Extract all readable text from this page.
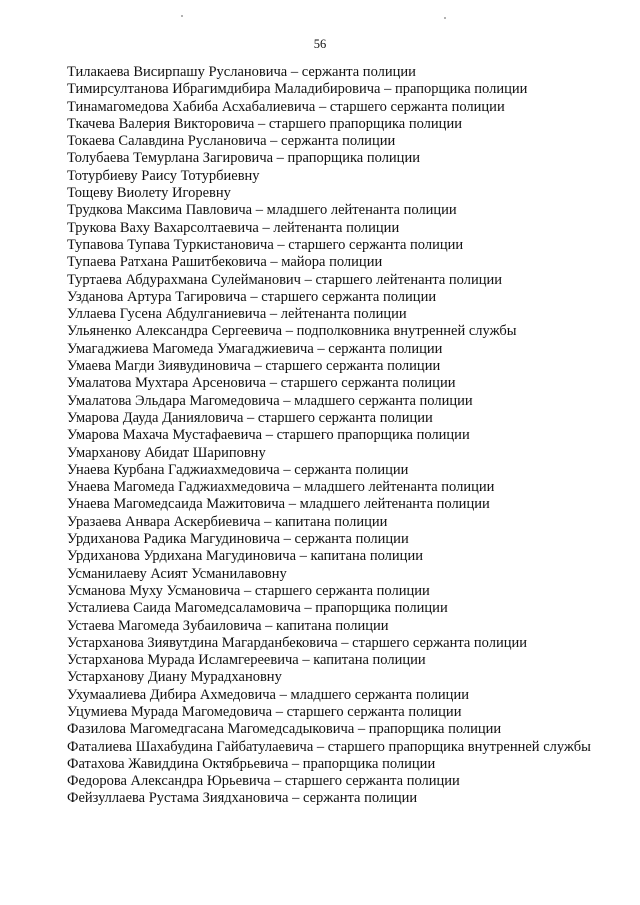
56
Тилакаева Висирпашу Руслановича – сержанта полиции
Тимирсултанова Ибрагимдибира Маладибировича – прапорщика полиции
Тинамагомедова Хабиба Асхабалиевича – старшего сержанта полиции
Ткачева Валерия Викторовича – старшего прапорщика полиции
Токаева Салавдина Руслановича – сержанта полиции
Толубаева Темурлана Загировича – прапорщика полиции
Тотурбиеву Раису Тотурбиевну
Тощеву Виолету Игоревну
Трудкова Максима Павловича – младшего лейтенанта полиции
Трукова Ваху Вахарсолтаевича – лейтенанта полиции
Тупавова Тупава Туркистановича – старшего сержанта полиции
Тупаева Ратхана Рашитбековича – майора полиции
Туртаева Абдурахмана Сулейманович – старшего лейтенанта полиции
Узданова Артура Тагировича – старшего сержанта полиции
Уллаева Гусена Абдулганиевича – лейтенанта полиции
Ульяненко Александра Сергеевича – подполковника внутренней службы
Умагаджиева Магомеда Умагаджиевича – сержанта полиции
Умаева Магди Зиявудиновича – старшего сержанта полиции
Умалатова Мухтара Арсеновича – старшего сержанта полиции
Умалатова Эльдара Магомедовича – младшего сержанта полиции
Умарова Дауда Данияловича – старшего сержанта полиции
Умарова Махача Мустафаевича – старшего прапорщика полиции
Умарханову Абидат Шариповну
Унаева Курбана Гаджиахмедовича – сержанта полиции
Унаева Магомеда Гаджиахмедовича – младшего лейтенанта полиции
Унаева Магомедсаида Мажитовича – младшего лейтенанта полиции
Уразаева Анвара Аскербиевича – капитана полиции
Урдиханова Радика Магудиновича – сержанта полиции
Урдиханова Урдихана Магудиновича – капитана полиции
Усманилаеву Асият Усманилавовну
Усманова Муху Усмановича – старшего сержанта полиции
Усталиева Саида Магомедсаламовича – прапорщика полиции
Устаева Магомеда Зубаиловича – капитана полиции
Устарханова Зиявутдина Магарданбековича – старшего сержанта полиции
Устарханова Мурада Исламгереевича – капитана полиции
Устарханову Диану Мурадхановну
Ухумаалиева Дибира Ахмедовича – младшего сержанта полиции
Уцумиева Мурада Магомедовича – старшего сержанта полиции
Фазилова Магомедгасана Магомедсадыковича – прапорщика полиции
Фаталиева Шахабудина Гайбатулаевича – старшего прапорщика внутренней службы
Фатахова Жавиддина Октябрьевича – прапорщика полиции
Федорова Александра Юрьевича – старшего сержанта полиции
Фейзуллаева Рустама Зиядхановича – сержанта полиции
